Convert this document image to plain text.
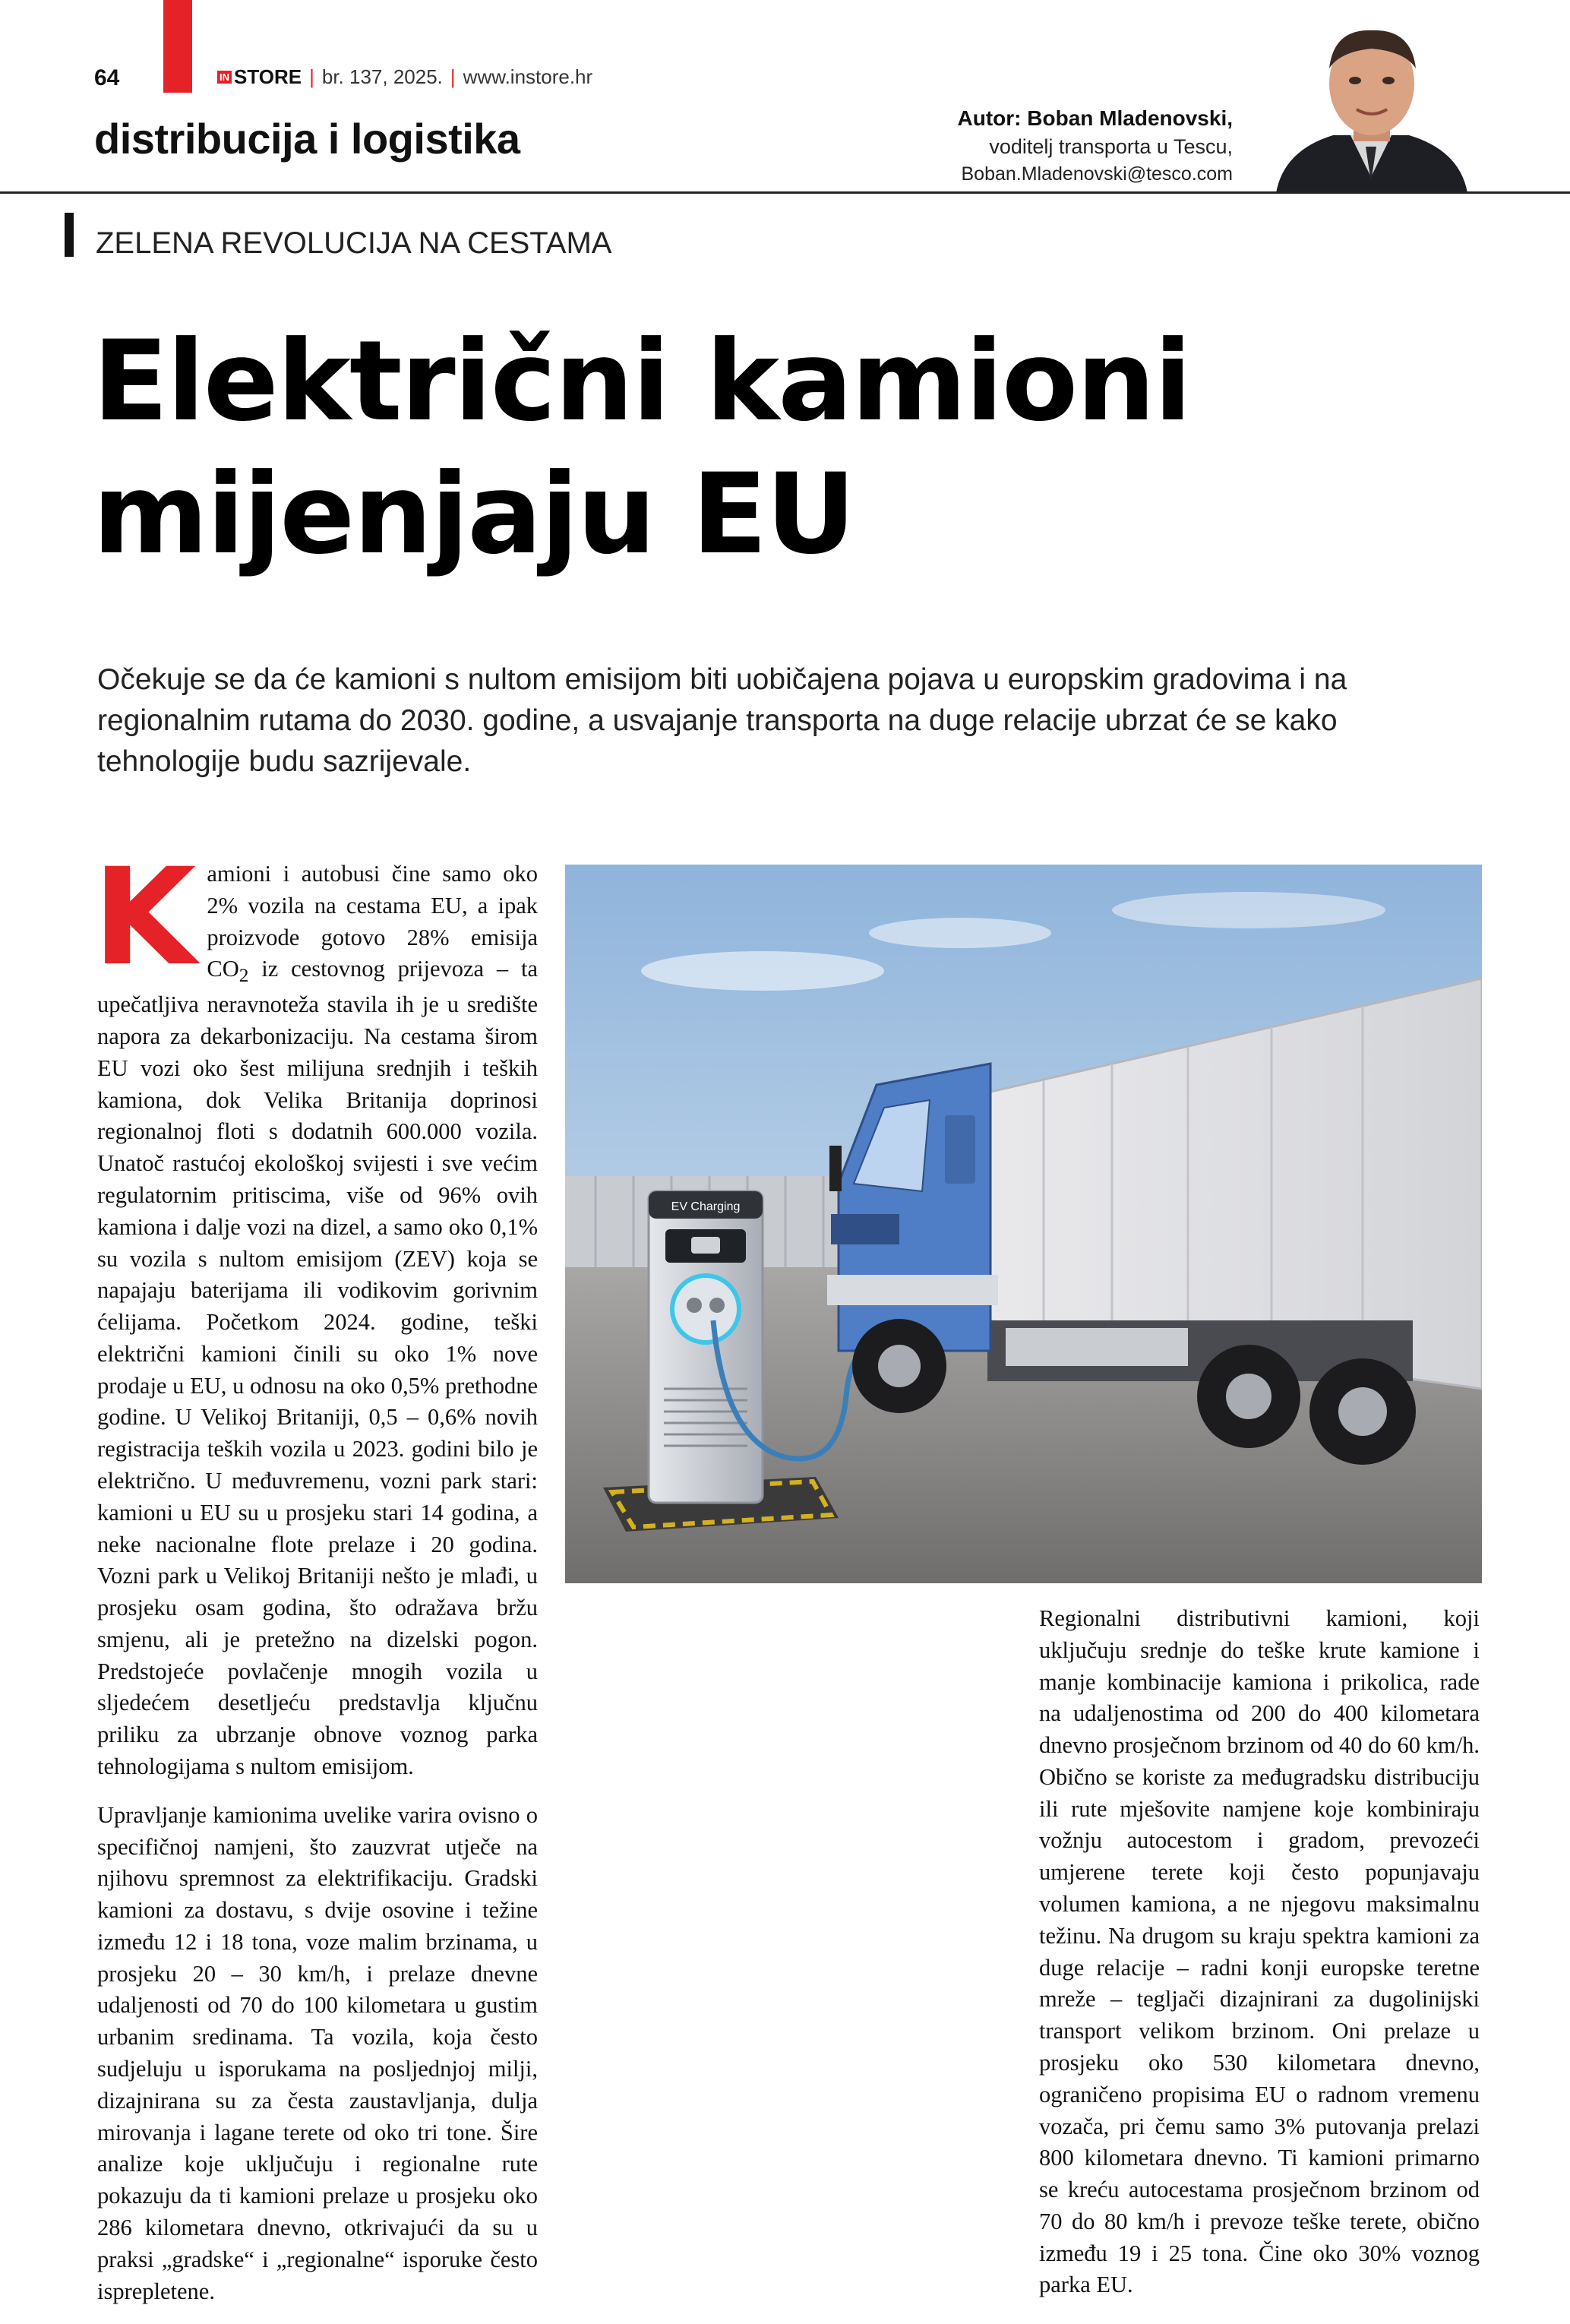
64	IN STORE | br. 137, 2025. | www.instore.hr
distribucija i logistika	Autor: Boban Mladenovski,
voditelj transporta u Tescu,
Boban.Mladenovski@tesco.com
ZELENA REVOLUCIJA NA CESTAMA
Električni kamioni
mijenjaju EU
Očekuje se da će kamioni s nultom emisijom biti uobičajena pojava u europskim gradovima i na regionalnim rutama do 2030. godine, a usvajanje transporta na duge relacije ubrzat će se kako tehnologije budu sazrijevale.
EV Charging

Kamioni i autobusi čine samo oko 2% vozila na cestama EU, a ipak proizvode gotovo 28% emisija $CO_2$ iz cestovnog prijevoza – ta upečatljiva neravnoteža stavila ih je u središte napora za dekarbonizaciju. Na cestama širom EU vozi oko šest milijuna srednjih i teških kamiona, dok Velika Britanija doprinosi regionalnoj floti s dodatnih 600.000 vozila. Unatoč rastućoj ekološkoj svijesti i sve većim regulatornim pritiscima, više od 96% ovih kamiona i dalje vozi na dizel, a samo oko 0,1% su vozila s nultom emisijom (ZEV) koja se napajaju baterijama ili vodikovim gorivnim ćelijama. Početkom 2024. godine, teški električni kamioni činili su oko 1% nove prodaje u EU, u odnosu na oko 0,5% prethodne godine. U Velikoj Britaniji, 0,5 – 0,6% novih registracija teških vozila u 2023. godini bilo je električno. U međuvremenu, vozni park stari: kamioni u EU su u prosjeku stari 14 godina, a neke nacionalne flote prelaze i 20 godina. Vozni park u Velikoj Britaniji nešto je mlađi, u prosjeku osam godina, što odražava bržu smjenu, ali je pretežno na dizelski pogon. Predstojeće povlačenje mnogih vozila u sljedećem desetljeću predstavlja ključnu priliku za ubrzanje obnove voznog parka tehnologijama s nultom emisijom.

Upravljanje kamionima uvelike varira ovisno o specifičnoj namjeni, što zauzvrat utječe na njihovu spremnost za elektrifikaciju. Gradski kamioni za dostavu, s dvije osovine i težine između 12 i 18 tona, voze malim brzinama, u prosjeku 20 – 30 km/h, i prelaze dnevne udaljenosti od 70 do 100 kilometara u gustim urbanim sredinama. Ta vozila, koja često sudjeluju u isporukama na posljednjoj milji, dizajnirana su za česta zaustavljanja, dulja mirovanja i lagane terete od oko tri tone. Šire analize koje uključuju i regionalne rute pokazuju da ti kamioni prelaze u prosjeku oko 286 kilometara dnevno, otkrivajući da su u praksi „gradske“ i „regionalne“ isporuke često isprepletene.

Regionalni distributivni kamioni, koji uključuju srednje do teške krute kamione i manje kombinacije kamiona i prikolica, rade na udaljenostima od 200 do 400 kilometara dnevno prosječnom brzinom od 40 do 60 km/h. Obično se koriste za međugradsku distribuciju ili rute mješovite namjene koje kombiniraju vožnju autocestom i gradom, prevozeći umjerene terete koji često popunjavaju volumen kamiona, a ne njegovu maksimalnu težinu. Na drugom su kraju spektra kamioni za duge relacije – radni konji europske teretne mreže – tegljači dizajnirani za dugolinijski transport velikom brzinom. Oni prelaze u prosjeku oko 530 kilometara dnevno, ograničeno propisima EU o radnom vremenu vozača, pri čemu samo 3% putovanja prelazi 800 kilometara dnevno. Ti kamioni primarno se kreću autocestama prosječnom brzinom od 70 do 80 km/h i prevoze teške terete, obično između 19 i 25 tona. Čine oko 30% voznog parka EU.
